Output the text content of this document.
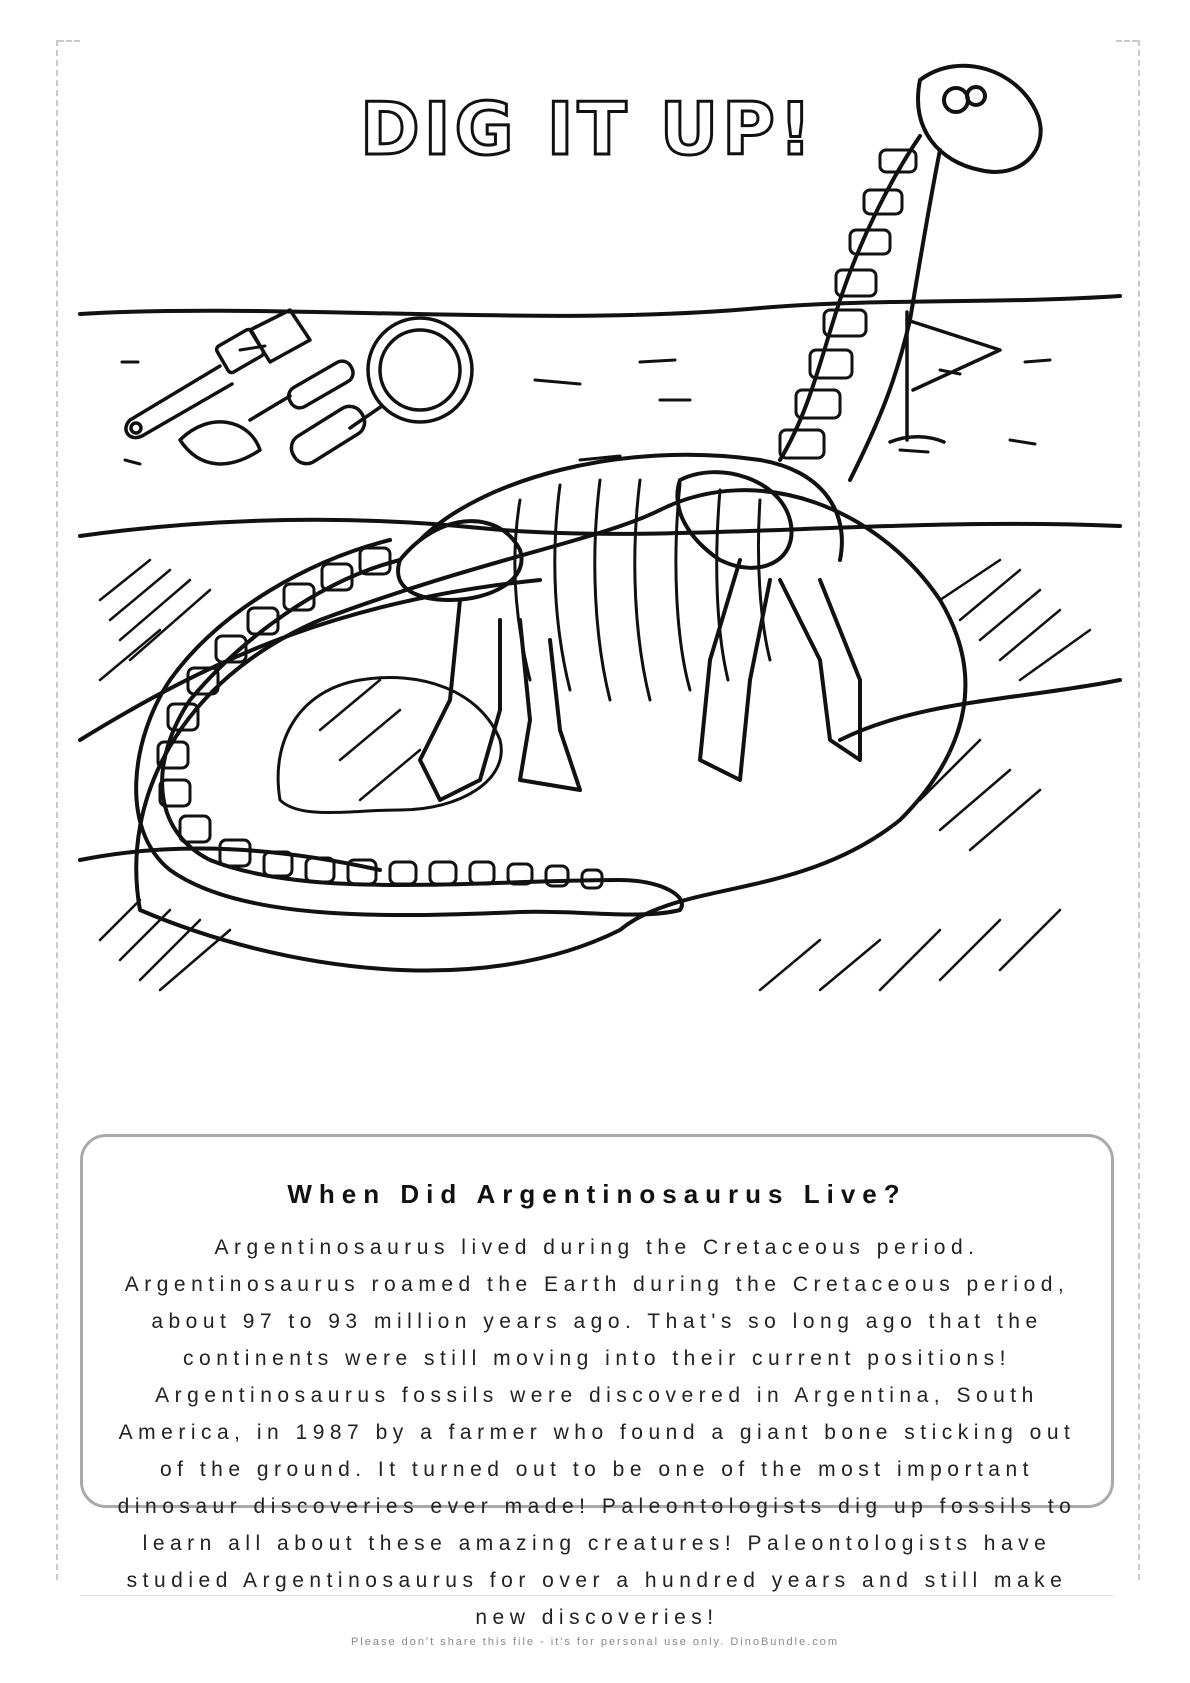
DIG IT UP!
When Did Argentinosaurus Live?
Argentinosaurus lived during the Cretaceous period. Argentinosaurus roamed the Earth during the Cretaceous period, about 97 to 93 million years ago. That's so long ago that the continents were still moving into their current positions! Argentinosaurus fossils were discovered in Argentina, South America, in 1987 by a farmer who found a giant bone sticking out of the ground. It turned out to be one of the most important dinosaur discoveries ever made! Paleontologists dig up fossils to learn all about these amazing creatures! Paleontologists have studied Argentinosaurus for over a hundred years and still make new discoveries!
Please don't share this file - it's for personal use only. DinoBundle.com
